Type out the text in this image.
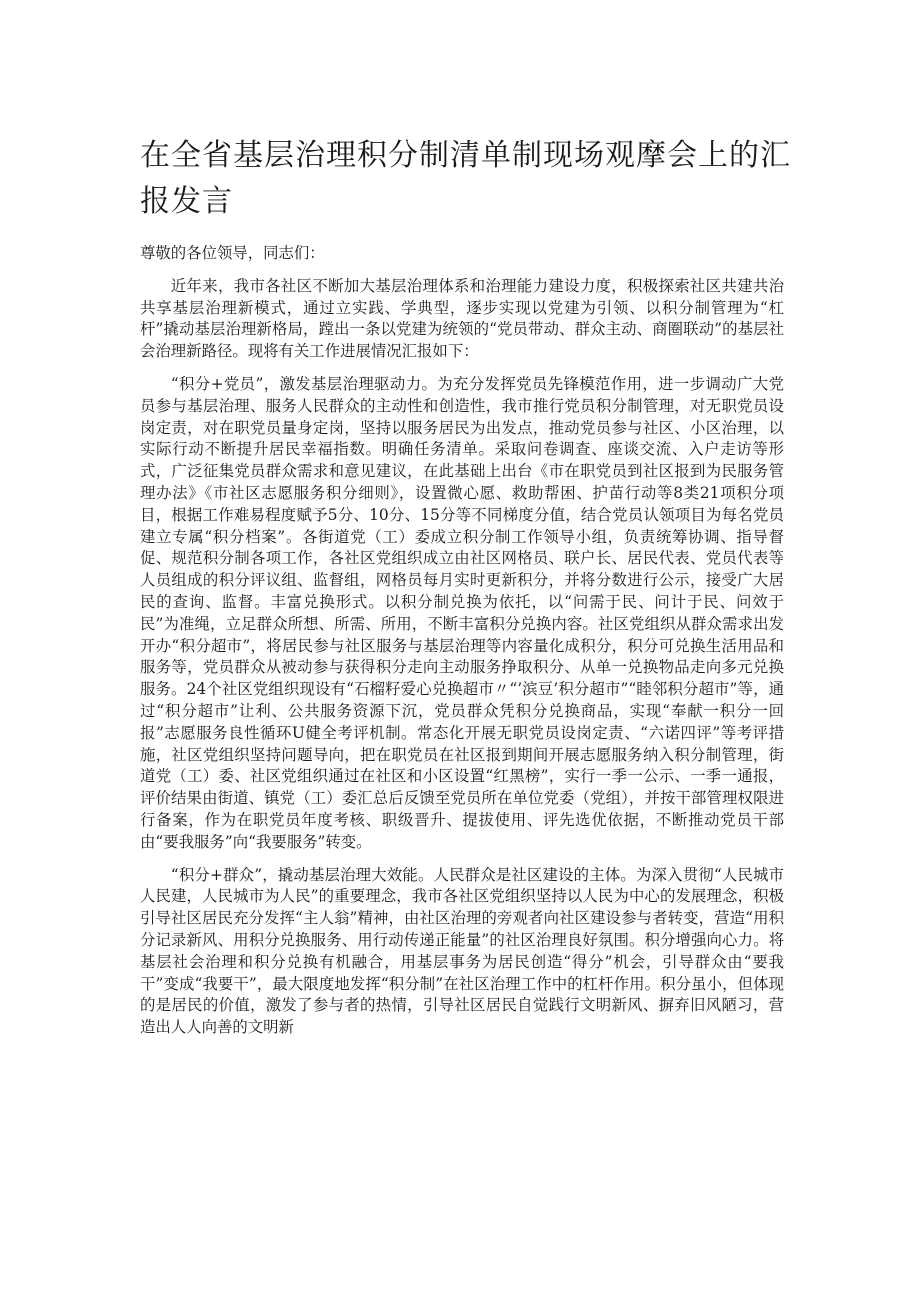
在全省基层治理积分制清单制现场观摩会上的汇报发言

尊敬的各位领导，同志们：

近年来，我市各社区不断加大基层治理体系和治理能力建设力度，积极探索社区共建共治共享基层治理新模式，通过立实践、学典型，逐步实现以党建为引领、以积分制管理为“杠杆”撬动基层治理新格局，蹚出一条以党建为统领的“党员带动、群众主动、商圈联动”的基层社会治理新路径。现将有关工作进展情况汇报如下：

“积分+党员”，激发基层治理驱动力。为充分发挥党员先锋模范作用，进一步调动广大党员参与基层治理、服务人民群众的主动性和创造性，我市推行党员积分制管理，对无职党员设岗定责，对在职党员量身定岗，坚持以服务居民为出发点，推动党员参与社区、小区治理，以实际行动不断提升居民幸福指数。明确任务清单。采取问卷调查、座谈交流、入户走访等形式，广泛征集党员群众需求和意见建议，在此基础上出台《市在职党员到社区报到为民服务管理办法》《市社区志愿服务积分细则》，设置微心愿、救助帮困、护苗行动等8类21项积分项目，根据工作难易程度赋予5分、10分、15分等不同梯度分值，结合党员认领项目为每名党员建立专属“积分档案”。各街道党（工）委成立积分制工作领导小组，负责统筹协调、指导督促、规范积分制各项工作，各社区党组织成立由社区网格员、联户长、居民代表、党员代表等人员组成的积分评议组、监督组，网格员每月实时更新积分，并将分数进行公示，接受广大居民的查询、监督。丰富兑换形式。以积分制兑换为依托，以“问需于民、问计于民、问效于民”为准绳，立足群众所想、所需、所用，不断丰富积分兑换内容。社区党组织从群众需求出发开办“积分超市”，将居民参与社区服务与基层治理等内容量化成积分，积分可兑换生活用品和服务等，党员群众从被动参与获得积分走向主动服务挣取积分、从单一兑换物品走向多元兑换服务。24个社区党组织现设有“石榴籽爱心兑换超市〃“’滨豆’积分超市”“睦邻积分超市”等，通过“积分超市”让利、公共服务资源下沉，党员群众凭积分兑换商品，实现“奉献一积分一回报”志愿服务良性循环U健全考评机制。常态化开展无职党员设岗定责、“六诺四评”等考评措施，社区党组织坚持问题导向，把在职党员在社区报到期间开展志愿服务纳入积分制管理，街道党（工）委、社区党组织通过在社区和小区设置“红黑榜”，实行一季一公示、一季一通报，评价结果由街道、镇党（工）委汇总后反馈至党员所在单位党委（党组），并按干部管理权限进行备案，作为在职党员年度考核、职级晋升、提拔使用、评先选优依据，不断推动党员干部由“要我服务”向“我要服务”转变。

“积分+群众”，撬动基层治理大效能。人民群众是社区建设的主体。为深入贯彻“人民城市人民建，人民城市为人民”的重要理念，我市各社区党组织坚持以人民为中心的发展理念，积极引导社区居民充分发挥“主人翁”精神，由社区治理的旁观者向社区建设参与者转变，营造“用积分记录新风、用积分兑换服务、用行动传递正能量”的社区治理良好氛围。积分增强向心力。将基层社会治理和积分兑换有机融合，用基层事务为居民创造“得分”机会，引导群众由“要我干”变成“我要干”，最大限度地发挥“积分制”在社区治理工作中的杠杆作用。积分虽小，但体现的是居民的价值，激发了参与者的热情，引导社区居民自觉践行文明新风、摒弃旧风陋习，营造出人人向善的文明新
